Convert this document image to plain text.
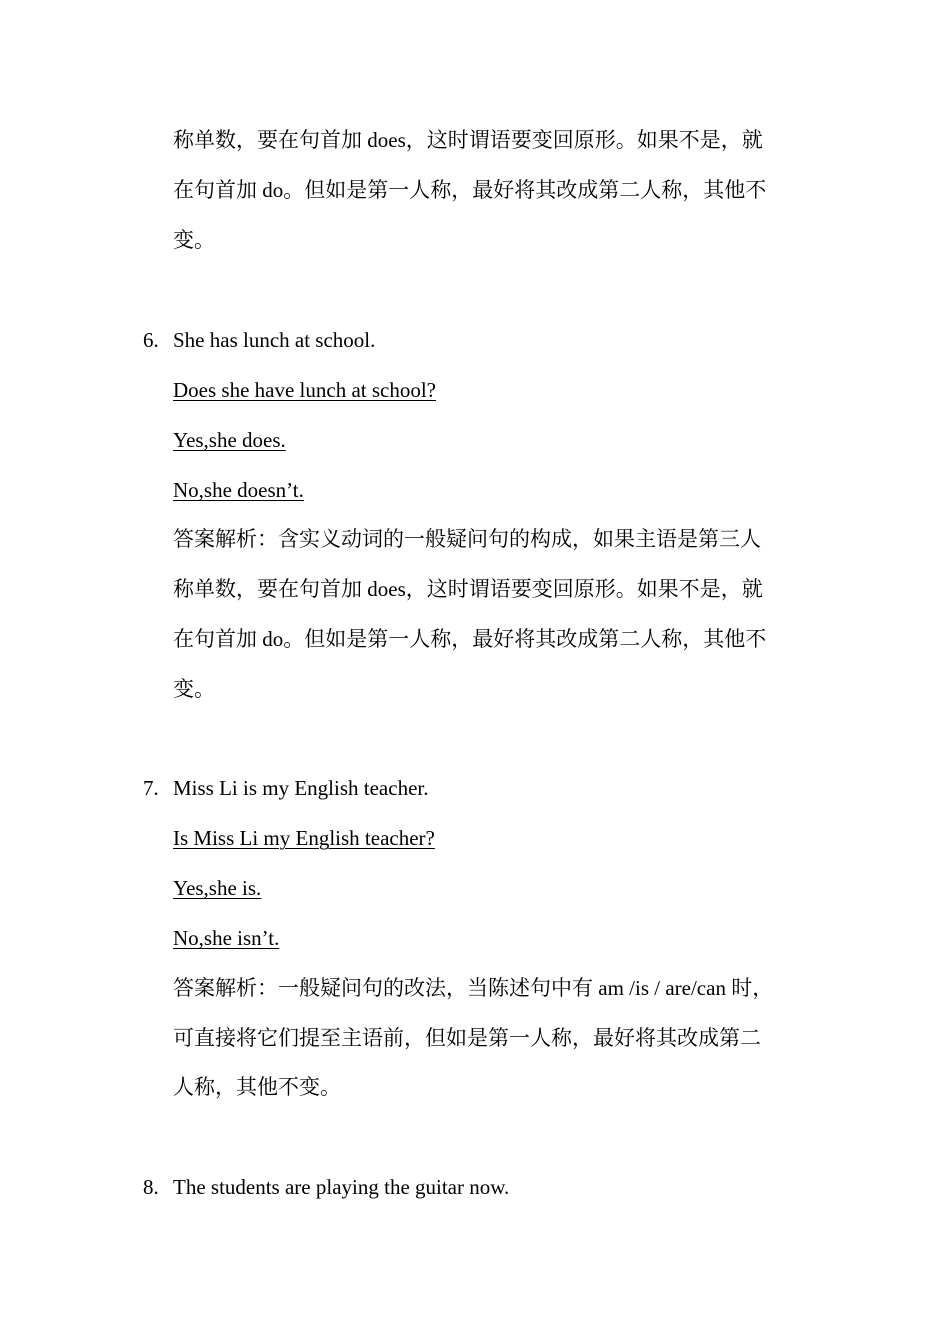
称单数，要在句首加 does，这时谓语要变回原形。如果不是，就
在句首加 do。但如是第一人称，最好将其改成第二人称，其他不
变。
6. She has lunch at school.
Does she have lunch at school?
Yes,she does.
No,she doesn’t.
答案解析：含实义动词的一般疑问句的构成，如果主语是第三人
称单数，要在句首加 does，这时谓语要变回原形。如果不是，就
在句首加 do。但如是第一人称，最好将其改成第二人称，其他不
变。
7. Miss Li is my English teacher.
Is Miss Li my English teacher?
Yes,she is.
No,she isn’t.
答案解析：一般疑问句的改法，当陈述句中有 am /is / are/can 时，
可直接将它们提至主语前，但如是第一人称，最好将其改成第二
人称，其他不变。
8. The students are playing the guitar now.
